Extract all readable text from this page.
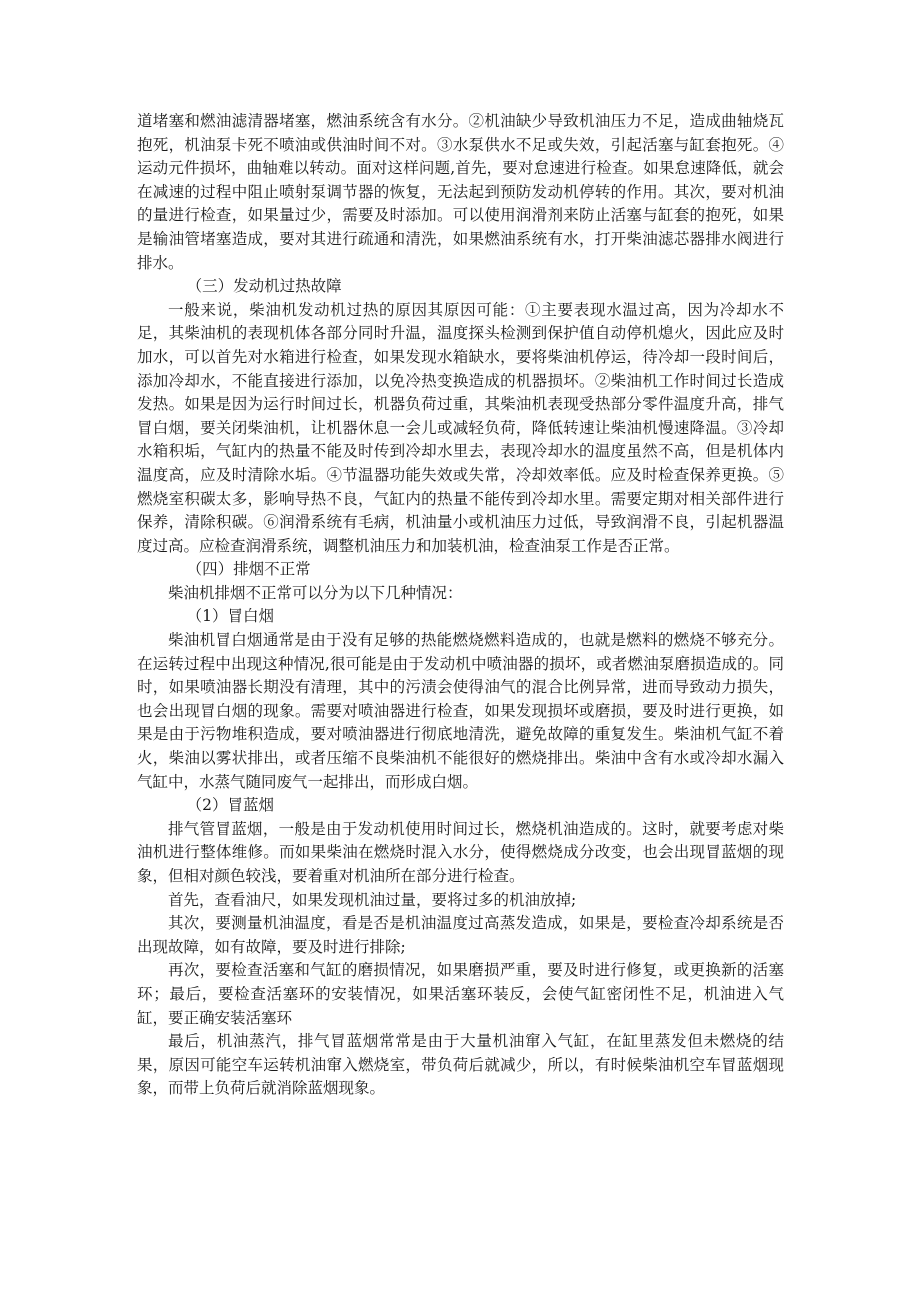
道堵塞和燃油滤清器堵塞，燃油系统含有水分。②机油缺少导致机油压力不足，造成曲轴烧瓦抱死，机油泵卡死不喷油或供油时间不对。③水泵供水不足或失效，引起活塞与缸套抱死。④运动元件损坏，曲轴难以转动。面对这样问题,首先，要对怠速进行检查。如果怠速降低，就会在减速的过程中阻止喷射泵调节器的恢复，无法起到预防发动机停转的作用。其次，要对机油的量进行检查，如果量过少，需要及时添加。可以使用润滑剂来防止活塞与缸套的抱死，如果是输油管堵塞造成，要对其进行疏通和清洗，如果燃油系统有水，打开柴油滤芯器排水阀进行排水。

（三）发动机过热故障

一般来说，柴油机发动机过热的原因其原因可能：①主要表现水温过高，因为冷却水不足，其柴油机的表现机体各部分同时升温，温度探头检测到保护值自动停机熄火，因此应及时加水，可以首先对水箱进行检查，如果发现水箱缺水，要将柴油机停运，待冷却一段时间后，添加冷却水，不能直接进行添加，以免冷热变换造成的机器损坏。②柴油机工作时间过长造成发热。如果是因为运行时间过长，机器负荷过重，其柴油机表现受热部分零件温度升高，排气冒白烟，要关闭柴油机，让机器休息一会儿或减轻负荷，降低转速让柴油机慢速降温。③冷却水箱积垢，气缸内的热量不能及时传到冷却水里去，表现冷却水的温度虽然不高，但是机体内温度高，应及时清除水垢。④节温器功能失效或失常，冷却效率低。应及时检查保养更换。⑤燃烧室积碳太多，影响导热不良，气缸内的热量不能传到冷却水里。需要定期对相关部件进行保养，清除积碳。⑥润滑系统有毛病，机油量小或机油压力过低，导致润滑不良，引起机器温度过高。应检查润滑系统，调整机油压力和加装机油，检查油泵工作是否正常。

（四）排烟不正常

柴油机排烟不正常可以分为以下几种情况：

（1）冒白烟

柴油机冒白烟通常是由于没有足够的热能燃烧燃料造成的，也就是燃料的燃烧不够充分。在运转过程中出现这种情况,很可能是由于发动机中喷油器的损坏，或者燃油泵磨损造成的。同时，如果喷油器长期没有清理，其中的污渍会使得油气的混合比例异常，进而导致动力损失，也会出现冒白烟的现象。需要对喷油器进行检查，如果发现损坏或磨损，要及时进行更换，如果是由于污物堆积造成，要对喷油器进行彻底地清洗，避免故障的重复发生。柴油机气缸不着火，柴油以雾状排出，或者压缩不良柴油机不能很好的燃烧排出。柴油中含有水或冷却水漏入气缸中，水蒸气随同废气一起排出，而形成白烟。

（2）冒蓝烟

排气管冒蓝烟，一般是由于发动机使用时间过长，燃烧机油造成的。这时，就要考虑对柴油机进行整体维修。而如果柴油在燃烧时混入水分，使得燃烧成分改变，也会出现冒蓝烟的现象，但相对颜色较浅，要着重对机油所在部分进行检查。

首先，查看油尺，如果发现机油过量，要将过多的机油放掉;

其次，要测量机油温度，看是否是机油温度过高蒸发造成，如果是，要检查冷却系统是否出现故障，如有故障，要及时进行排除;

再次，要检查活塞和气缸的磨损情况，如果磨损严重，要及时进行修复，或更换新的活塞环；最后，要检查活塞环的安装情况，如果活塞环装反，会使气缸密闭性不足，机油进入气缸，要正确安装活塞环

最后，机油蒸汽，排气冒蓝烟常常是由于大量机油窜入气缸，在缸里蒸发但未燃烧的结果，原因可能空车运转机油窜入燃烧室，带负荷后就减少，所以，有时候柴油机空车冒蓝烟现象，而带上负荷后就消除蓝烟现象。
